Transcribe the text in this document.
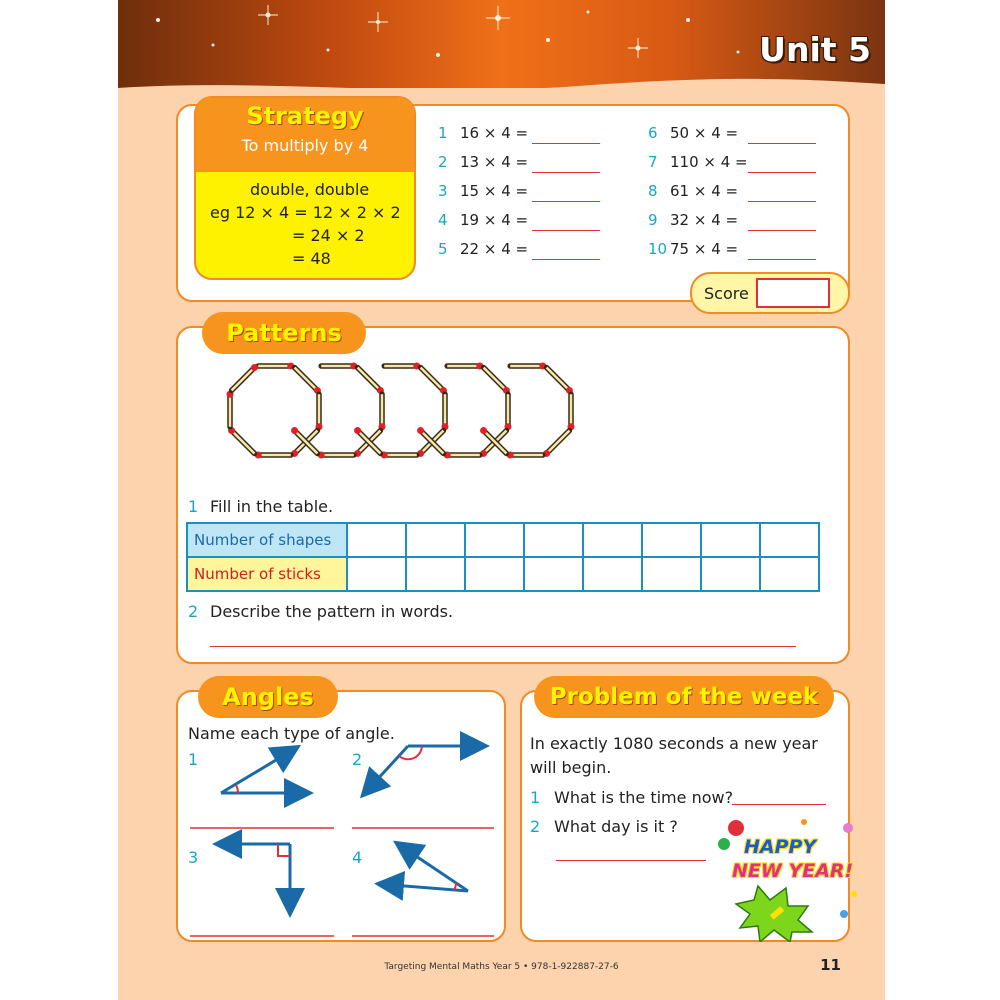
Unit 5
Strategy
To multiply by 4
double, double
eg 12 × 4 = 12 × 2 × 2
= 24 × 2
= 48
1 16 × 4 =
2 13 × 4 =
3 15 × 4 =
4 19 × 4 =
5 22 × 4 =
6 50 × 4 =
7 110 × 4 =
8 61 × 4 =
9 32 × 4 =
10 75 × 4 =
Score
Patterns
1 Fill in the table.
Number of shapes								
Number of sticks								
2 Describe the pattern in words.
Angles
Name each type of angle.
1	2
3	4
Problem of the week
In exactly 1080 seconds a new year
will begin.
1 What is the time now?
2 What day is it ?
HAPPY
NEW YEAR!
Targeting Mental Maths Year 5 • 978-1-922887-27-6	11
